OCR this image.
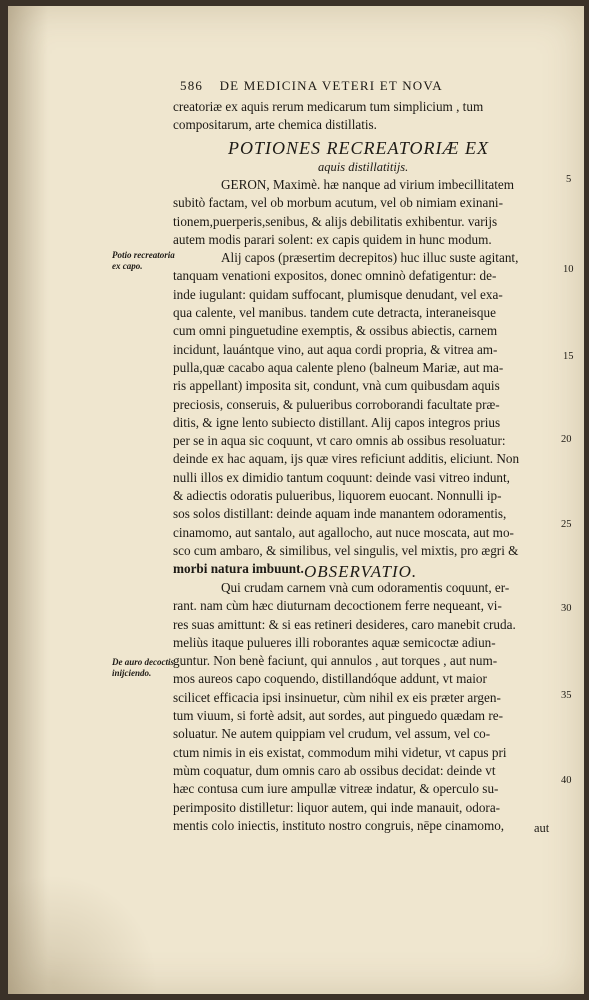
586 DE MEDICINA VETERI ET NOVA
creatoriæ ex aquis rerum medicarum tum simplicium , tum
compositarum, arte chemica distillatis.
POTIONES RECREATORIÆ EX
aquis distillatitijs.
GERON, Maximè. hæ nanque ad virium imbecillitatem
subitò factam, vel ob morbum acutum, vel ob nimiam exinani-
tionem,puerperis,senibus, & alijs debilitatis exhibentur. varijs
autem modis parari solent: ex capis quidem in hunc modum.
Alij capos (præsertim decrepitos) huc illuc suste agitant,
tanquam venationi expositos, donec omninò defatigentur: de-
inde iugulant: quidam suffocant, plumisque denudant, vel exa-
qua calente, vel manibus. tandem cute detracta, interaneisque
cum omni pinguetudine exemptis, & ossibus abiectis, carnem
incidunt, lauántque vino, aut aqua cordi propria, & vitrea am-
pulla,quæ cacabo aqua calente pleno (balneum Mariæ, aut ma-
ris appellant) imposita sit, condunt, vnà cum quibusdam aquis
preciosis, conseruis, & pulueribus corroborandi facultate præ-
ditis, & igne lento subiecto distillant. Alij capos integros prius
per se in aqua sic coquunt, vt caro omnis ab ossibus resoluatur:
deinde ex hac aquam, ijs quæ vires reficiunt additis, eliciunt. Non
nulli illos ex dimidio tantum coquunt: deinde vasi vitreo indunt,
& adiectis odoratis pulueribus, liquorem euocant. Nonnulli ip-
sos solos distillant: deinde aquam inde manantem odoramentis,
cinamomo, aut santalo, aut agallocho, aut nuce moscata, aut mo-
sco cum ambaro, & similibus, vel singulis, vel mixtis, pro ægri &
morbi natura imbuunt. OBSERVATIO.
Qui crudam carnem vnà cum odoramentis coquunt, er-
rant. nam cùm hæc diuturnam decoctionem ferre nequeant, vi-
res suas amittunt: & si eas retineri desideres, caro manebit cruda.
meliùs itaque pulueres illi roborantes aquæ semicoctæ adiun-
guntur. Non benè faciunt, qui annulos , aut torques , aut num-
mos aureos capo coquendo, distillandóque addunt, vt maior
scilicet efficacia ipsi insinuetur, cùm nihil ex eis præter argen-
tum viuum, si fortè adsit, aut sordes, aut pinguedo quædam re-
soluatur. Ne autem quippiam vel crudum, vel assum, vel co-
ctum nimis in eis existat, commodum mihi videtur, vt capus pri
mùm coquatur, dum omnis caro ab ossibus decidat: deinde vt
hæc contusa cum iure ampullæ vitreæ indatur, & operculo su-
perimposito distilletur: liquor autem, qui inde manauit, odora-
mentis colo iniectis, instituto nostro congruis, nēpe cinamomo,	aut
Potio recreatoria
ex capo.
De auro decoctis
inijciendo.
5
10
15
20
25
30
35
40
